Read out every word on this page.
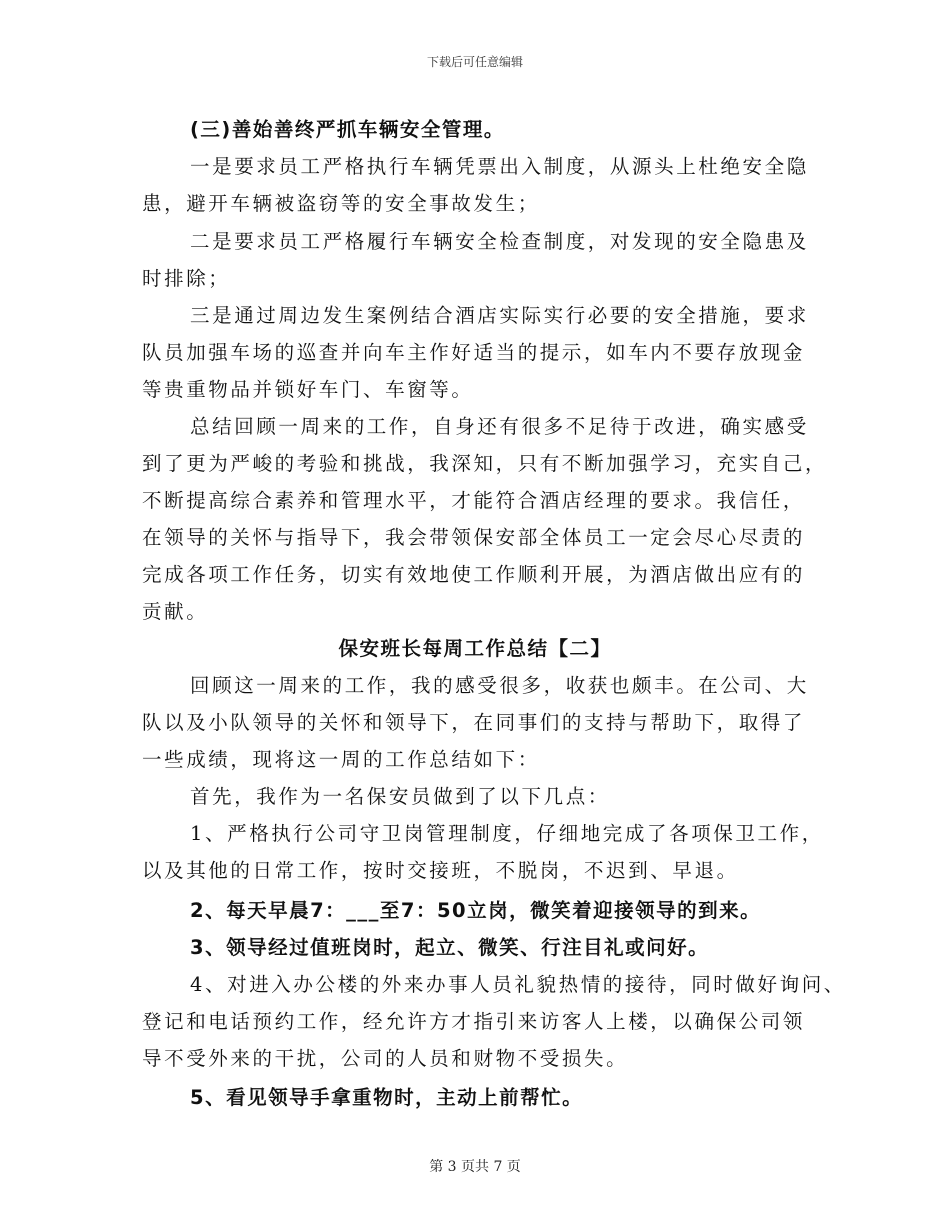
下载后可任意编辑
(三)善始善终严抓车辆安全管理。
一是要求员工严格执行车辆凭票出入制度，从源头上杜绝安全隐
患，避开车辆被盗窃等的安全事故发生；
二是要求员工严格履行车辆安全检查制度，对发现的安全隐患及
时排除；
三是通过周边发生案例结合酒店实际实行必要的安全措施，要求
队员加强车场的巡查并向车主作好适当的提示，如车内不要存放现金
等贵重物品并锁好车门、车窗等。
总结回顾一周来的工作，自身还有很多不足待于改进，确实感受
到了更为严峻的考验和挑战，我深知，只有不断加强学习，充实自己，
不断提高综合素养和管理水平，才能符合酒店经理的要求。我信任，
在领导的关怀与指导下，我会带领保安部全体员工一定会尽心尽责的
完成各项工作任务，切实有效地使工作顺利开展，为酒店做出应有的
贡献。
保安班长每周工作总结【二】
回顾这一周来的工作，我的感受很多，收获也颇丰。在公司、大
队以及小队领导的关怀和领导下，在同事们的支持与帮助下，取得了
一些成绩，现将这一周的工作总结如下：
首先，我作为一名保安员做到了以下几点：
1、严格执行公司守卫岗管理制度，仔细地完成了各项保卫工作，
以及其他的日常工作，按时交接班，不脱岗，不迟到、早退。
2、每天早晨7：___至7：50立岗，微笑着迎接领导的到来。
3、领导经过值班岗时，起立、微笑、行注目礼或问好。
4、对进入办公楼的外来办事人员礼貌热情的接待，同时做好询问、
登记和电话预约工作，经允许方才指引来访客人上楼，以确保公司领
导不受外来的干扰，公司的人员和财物不受损失。
5、看见领导手拿重物时，主动上前帮忙。
第 3 页共 7 页
